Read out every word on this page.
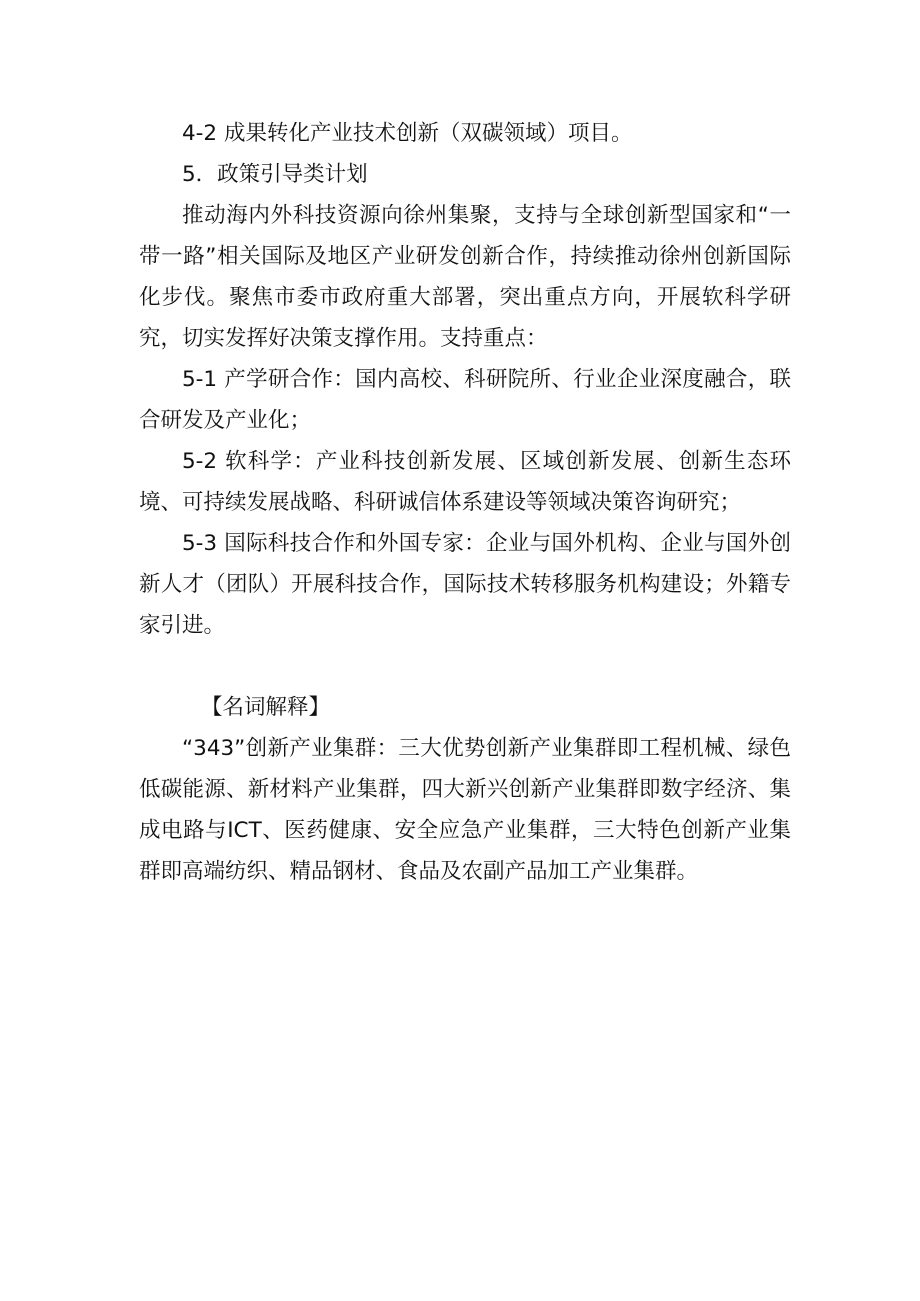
4-2 成果转化产业技术创新（双碳领域）项目。

5．政策引导类计划

推动海内外科技资源向徐州集聚，支持与全球创新型国家和“一带一路”相关国际及地区产业研发创新合作，持续推动徐州创新国际化步伐。聚焦市委市政府重大部署，突出重点方向，开展软科学研究，切实发挥好决策支撑作用。支持重点：

5-1 产学研合作：国内高校、科研院所、行业企业深度融合，联合研发及产业化；

5-2 软科学：产业科技创新发展、区域创新发展、创新生态环境、可持续发展战略、科研诚信体系建设等领域决策咨询研究；

5-3 国际科技合作和外国专家：企业与国外机构、企业与国外创新人才（团队）开展科技合作，国际技术转移服务机构建设；外籍专家引进。

【名词解释】

“343”创新产业集群：三大优势创新产业集群即工程机械、绿色低碳能源、新材料产业集群，四大新兴创新产业集群即数字经济、集成电路与ICT、医药健康、安全应急产业集群，三大特色创新产业集群即高端纺织、精品钢材、食品及农副产品加工产业集群。
